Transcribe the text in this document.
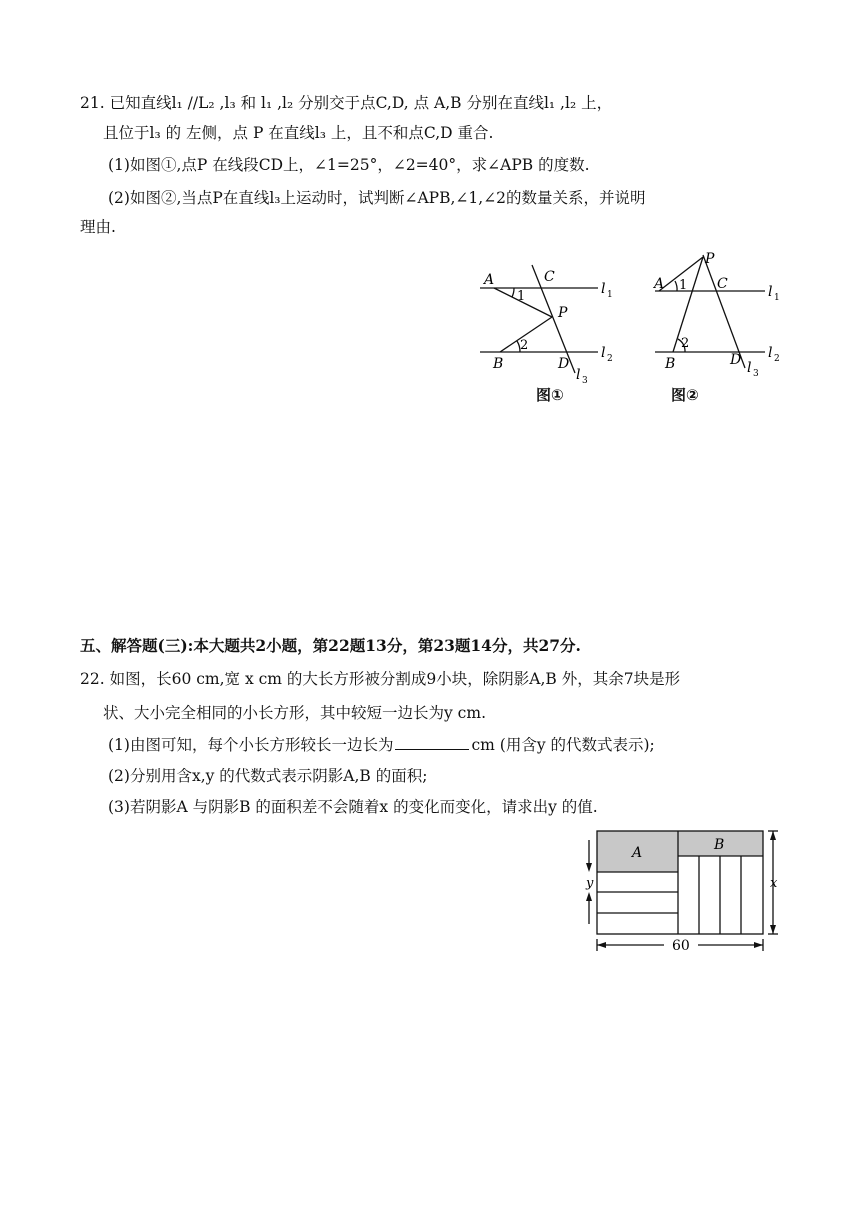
21. 已知直线l₁ //L₂ ,l₃ 和 l₁ ,l₂ 分别交于点C,D, 点 A,B 分别在直线l₁ ,l₂ 上，
且位于l₃ 的 左侧，点 P 在直线l₃ 上，且不和点C,D 重合.
(1)如图①,点P 在线段CD上，∠1=25°，∠2=40°，求∠APB 的度数.
(2)如图②,当点P在直线l₃上运动时，试判断∠APB,∠1,∠2的数量关系，并说明
理由.
A	C
P
B	D
1
2
l 1
l 2
l 3
图①
P
A	C
B	D
1
2
l 1
l 2
l 3
图②
五、解答题(三):本大题共2小题，第22题13分，第23题14分，共27分.
22. 如图，长60 cm,宽 x cm 的大长方形被分割成9小块，除阴影A,B 外，其余7块是形
状、大小完全相同的小长方形，其中较短一边长为y cm.
(1)由图可知，每个小长方形较长一边长为	cm (用含y 的代数式表示);
(2)分别用含x,y 的代数式表示阴影A,B 的面积;
(3)若阴影A 与阴影B 的面积差不会随着x 的变化而变化，请求出y 的值.
A	B
y	x
60
